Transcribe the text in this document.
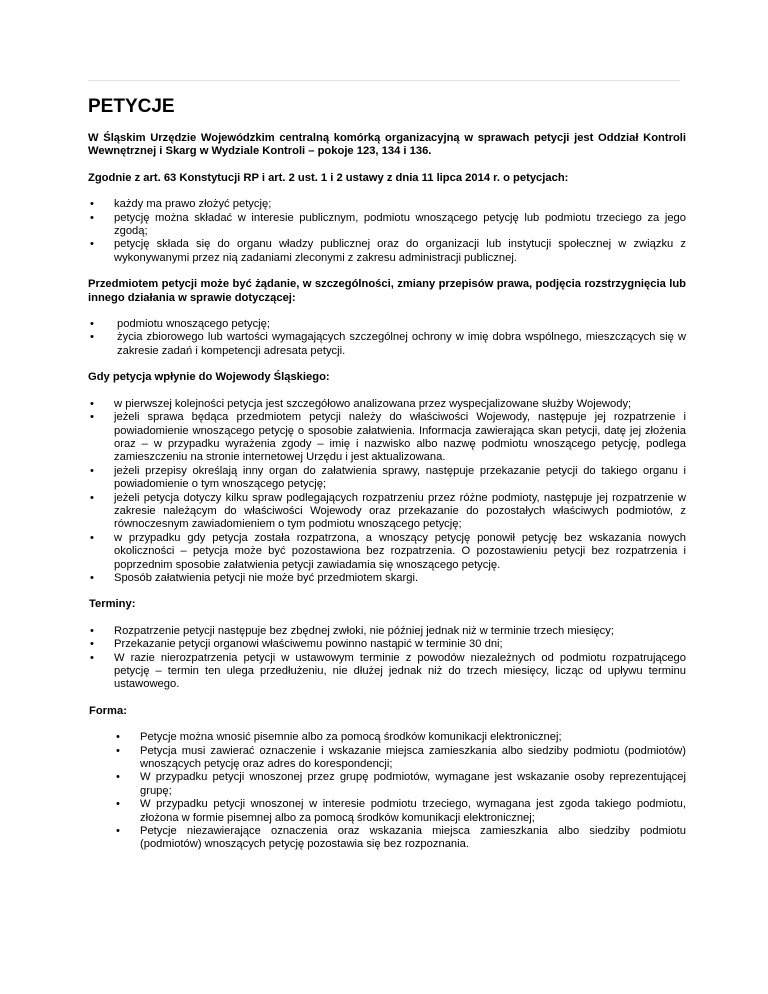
PETYCJE

W Śląskim Urzędzie Wojewódzkim centralną komórką organizacyjną w sprawach petycji jest Oddział Kontroli Wewnętrznej i Skarg w Wydziale Kontroli – pokoje 123, 134 i 136.

Zgodnie z art. 63 Konstytucji RP i art. 2 ust. 1 i 2 ustawy z dnia 11 lipca 2014 r. o petycjach:

• każdy ma prawo złożyć petycję;
• petycję można składać w interesie publicznym, podmiotu wnoszącego petycję lub podmiotu trzeciego za jego zgodą;
• petycję składa się do organu władzy publicznej oraz do organizacji lub instytucji społecznej w związku z wykonywanymi przez nią zadaniami zleconymi z zakresu administracji publicznej.

Przedmiotem petycji może być żądanie, w szczególności, zmiany przepisów prawa, podjęcia rozstrzygnięcia lub innego działania w sprawie dotyczącej:

• podmiotu wnoszącego petycję;
• życia zbiorowego lub wartości wymagających szczególnej ochrony w imię dobra wspólnego, mieszczących się w zakresie zadań i kompetencji adresata petycji.

Gdy petycja wpłynie do Wojewody Śląskiego:

• w pierwszej kolejności petycja jest szczegółowo analizowana przez wyspecjalizowane służby Wojewody;
• jeżeli sprawa będąca przedmiotem petycji należy do właściwości Wojewody, następuje jej rozpatrzenie i powiadomienie wnoszącego petycję o sposobie załatwienia. Informacja zawierająca skan petycji, datę jej złożenia oraz – w przypadku wyrażenia zgody – imię i nazwisko albo nazwę podmiotu wnoszącego petycję, podlega zamieszczeniu na stronie internetowej Urzędu i jest aktualizowana.
• jeżeli przepisy określają inny organ do załatwienia sprawy, następuje przekazanie petycji do takiego organu i powiadomienie o tym wnoszącego petycję;
• jeżeli petycja dotyczy kilku spraw podlegających rozpatrzeniu przez różne podmioty, następuje jej rozpatrzenie w zakresie należącym do właściwości Wojewody oraz przekazanie do pozostałych właściwych podmiotów, z równoczesnym zawiadomieniem o tym podmiotu wnoszącego petycję;
• w przypadku gdy petycja została rozpatrzona, a wnoszący petycję ponowił petycję bez wskazania nowych okoliczności – petycja może być pozostawiona bez rozpatrzenia. O pozostawieniu petycji bez rozpatrzenia i poprzednim sposobie załatwienia petycji zawiadamia się wnoszącego petycję.
• Sposób załatwienia petycji nie może być przedmiotem skargi.

Terminy:

• Rozpatrzenie petycji następuje bez zbędnej zwłoki, nie później jednak niż w terminie trzech miesięcy;
• Przekazanie petycji organowi właściwemu powinno nastąpić w terminie 30 dni;
• W razie nierozpatrzenia petycji w ustawowym terminie z powodów niezależnych od podmiotu rozpatrującego petycję – termin ten ulega przedłużeniu, nie dłużej jednak niż do trzech miesięcy, licząc od upływu terminu ustawowego.

Forma:

• Petycje można wnosić pisemnie albo za pomocą środków komunikacji elektronicznej;
• Petycja musi zawierać oznaczenie i wskazanie miejsca zamieszkania albo siedziby podmiotu (podmiotów) wnoszących petycję oraz adres do korespondencji;
• W przypadku petycji wnoszonej przez grupę podmiotów, wymagane jest wskazanie osoby reprezentującej grupę;
• W przypadku petycji wnoszonej w interesie podmiotu trzeciego, wymagana jest zgoda takiego podmiotu, złożona w formie pisemnej albo za pomocą środków komunikacji elektronicznej;
• Petycje niezawierające oznaczenia oraz wskazania miejsca zamieszkania albo siedziby podmiotu (podmiotów) wnoszących petycję pozostawia się bez rozpoznania.
